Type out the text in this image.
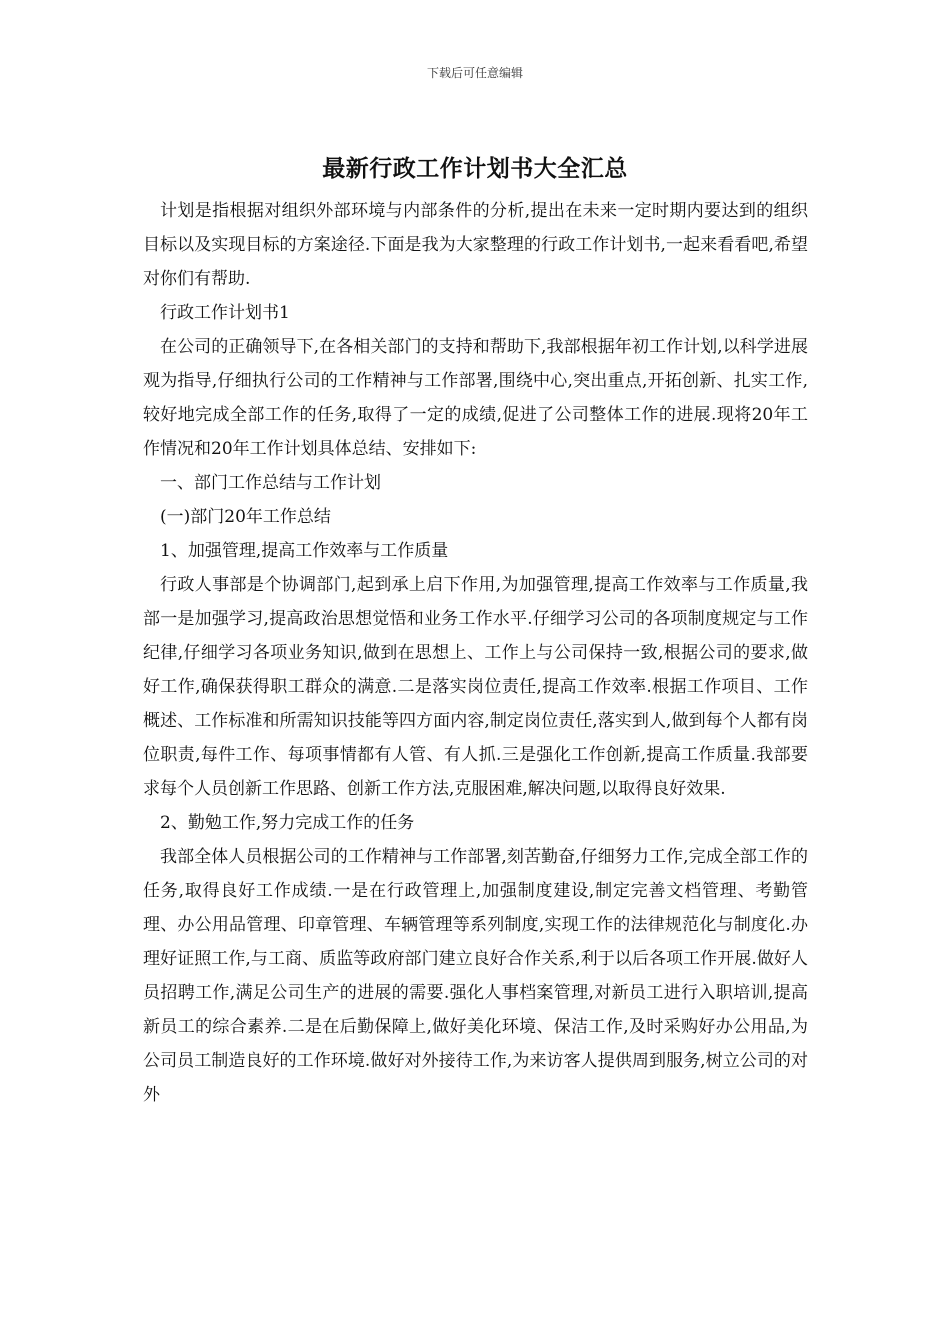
下载后可任意编辑
最新行政工作计划书大全汇总

计划是指根据对组织外部环境与内部条件的分析,提出在未来一定时期内要达到的组织目标以及实现目标的方案途径.下面是我为大家整理的行政工作计划书,一起来看看吧,希望对你们有帮助.

行政工作计划书1

在公司的正确领导下,在各相关部门的支持和帮助下,我部根据年初工作计划,以科学进展观为指导,仔细执行公司的工作精神与工作部署,围绕中心,突出重点,开拓创新、扎实工作,较好地完成全部工作的任务,取得了一定的成绩,促进了公司整体工作的进展.现将20年工作情况和20年工作计划具体总结、安排如下:

一、部门工作总结与工作计划

(一)部门20年工作总结

1、加强管理,提高工作效率与工作质量

行政人事部是个协调部门,起到承上启下作用,为加强管理,提高工作效率与工作质量,我部一是加强学习,提高政治思想觉悟和业务工作水平.仔细学习公司的各项制度规定与工作纪律,仔细学习各项业务知识,做到在思想上、工作上与公司保持一致,根据公司的要求,做好工作,确保获得职工群众的满意.二是落实岗位责任,提高工作效率.根据工作项目、工作概述、工作标准和所需知识技能等四方面内容,制定岗位责任,落实到人,做到每个人都有岗位职责,每件工作、每项事情都有人管、有人抓.三是强化工作创新,提高工作质量.我部要求每个人员创新工作思路、创新工作方法,克服困难,解决问题,以取得良好效果.

2、勤勉工作,努力完成工作的任务

我部全体人员根据公司的工作精神与工作部署,刻苦勤奋,仔细努力工作,完成全部工作的任务,取得良好工作成绩.一是在行政管理上,加强制度建设,制定完善文档管理、考勤管理、办公用品管理、印章管理、车辆管理等系列制度,实现工作的法律规范化与制度化.办理好证照工作,与工商、质监等政府部门建立良好合作关系,利于以后各项工作开展.做好人员招聘工作,满足公司生产的进展的需要.强化人事档案管理,对新员工进行入职培训,提高新员工的综合素养.二是在后勤保障上,做好美化环境、保洁工作,及时采购好办公用品,为公司员工制造良好的工作环境.做好对外接待工作,为来访客人提供周到服务,树立公司的对外
